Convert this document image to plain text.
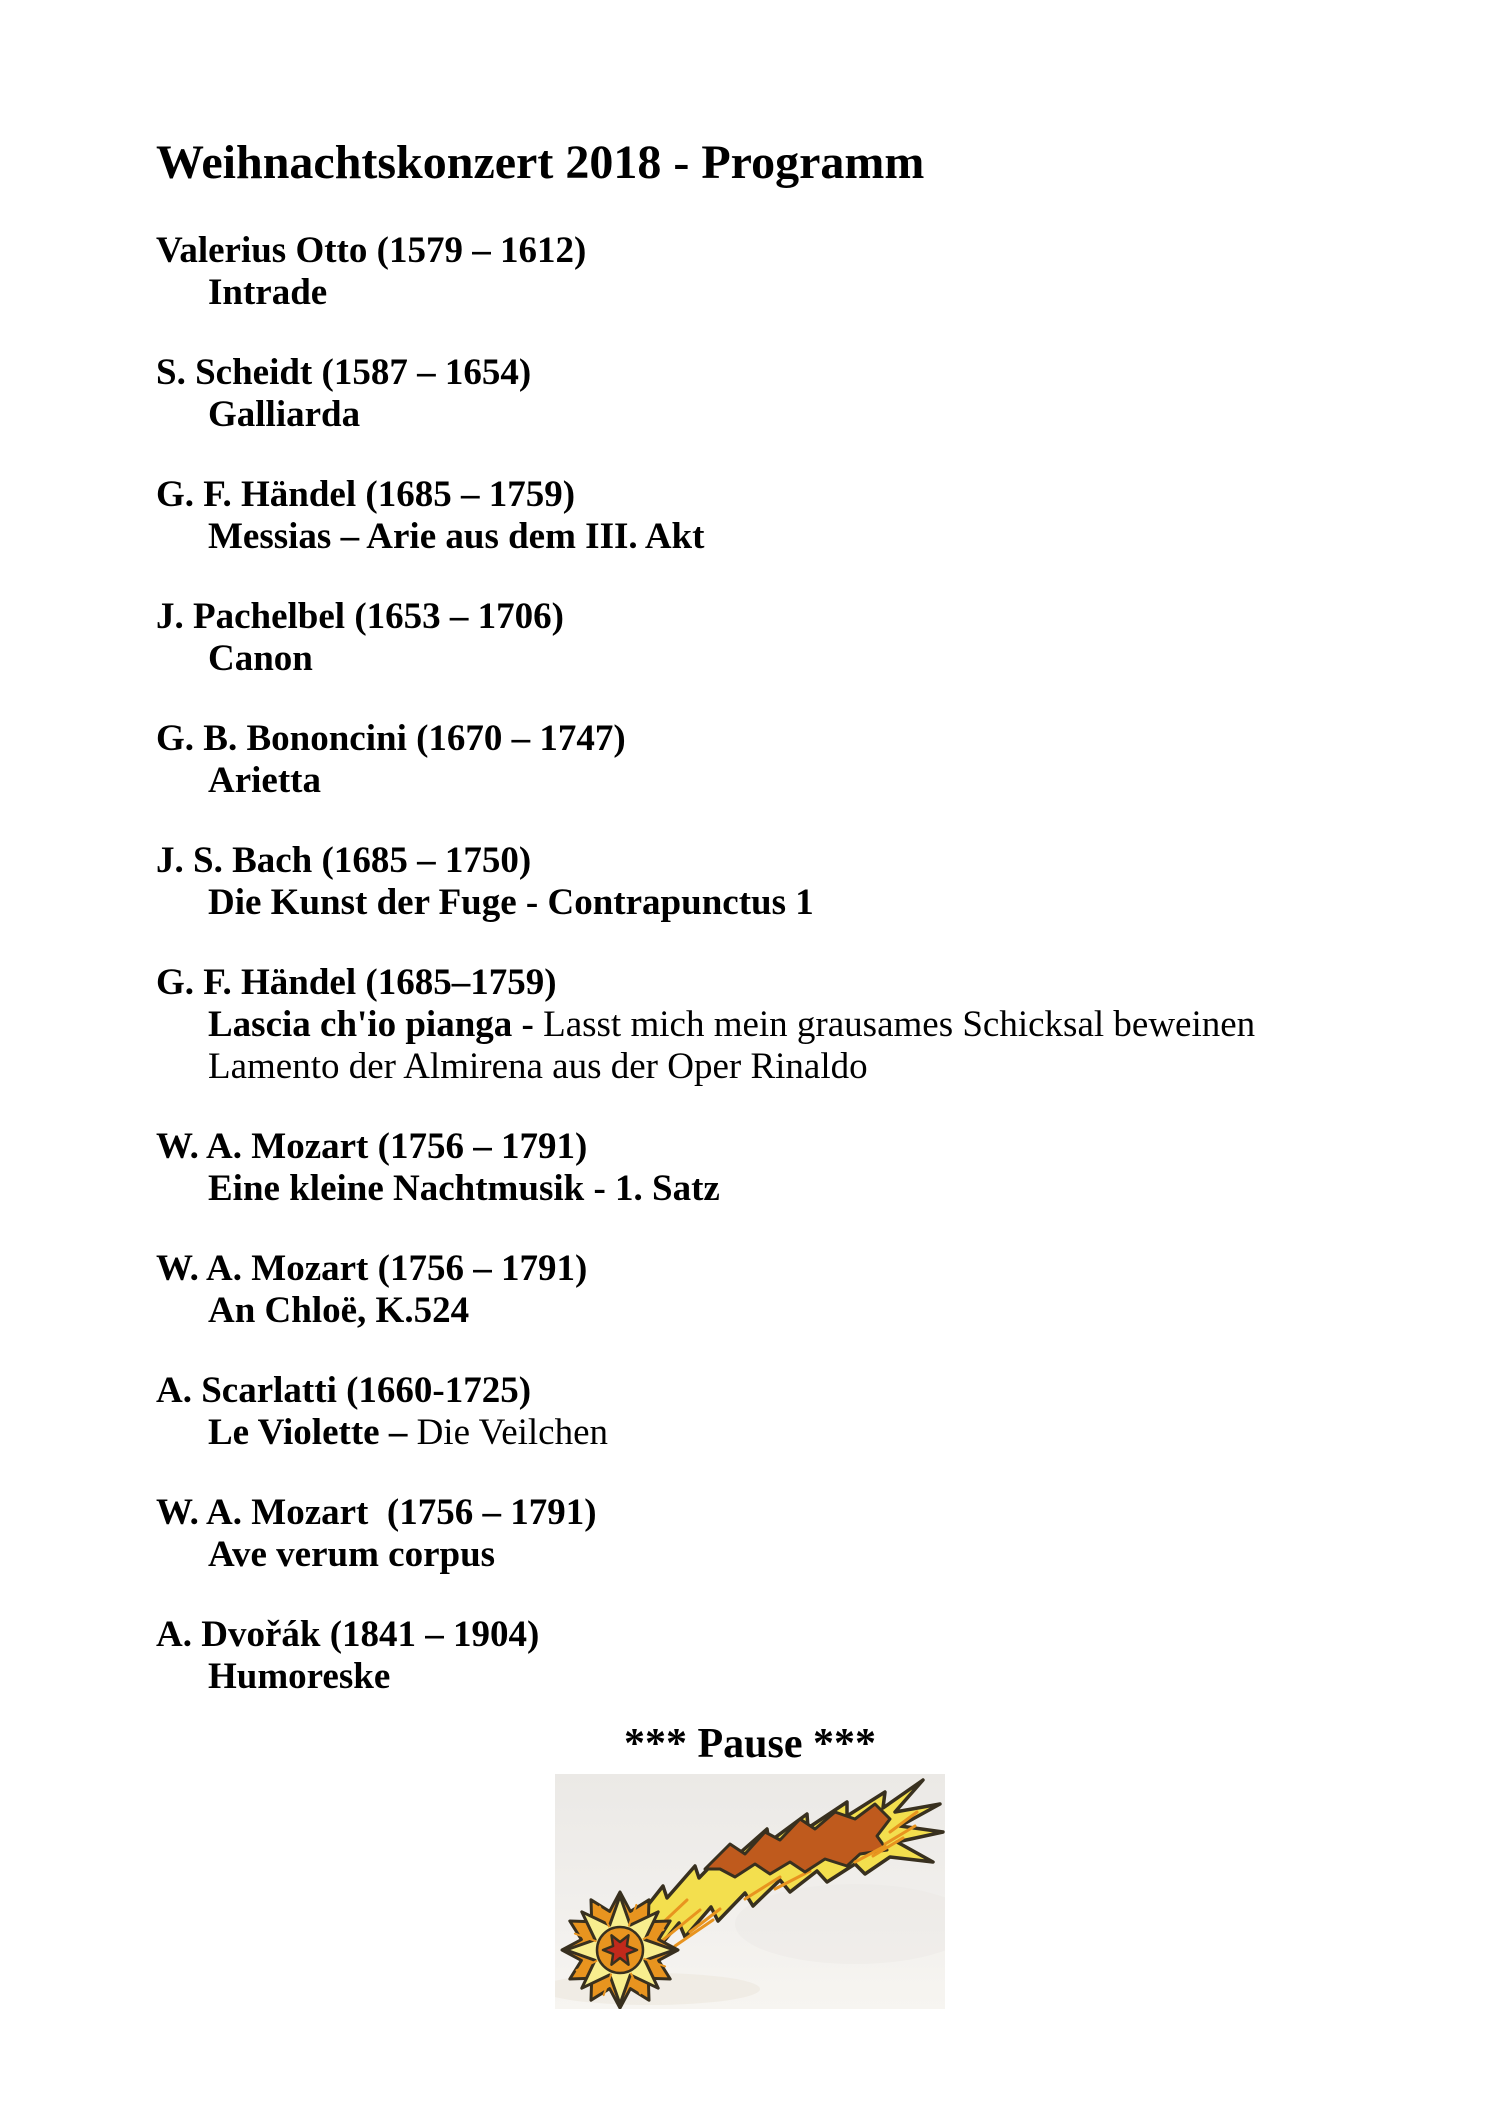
Weihnachtskonzert 2018 - Programm
Valerius Otto (1579 – 1612)
Intrade
S. Scheidt (1587 – 1654)
Galliarda
G. F. Händel (1685 – 1759)
Messias – Arie aus dem III. Akt
J. Pachelbel (1653 – 1706)
Canon
G. B. Bononcini (1670 – 1747)
Arietta
J. S. Bach (1685 – 1750)
Die Kunst der Fuge - Contrapunctus 1
G. F. Händel (1685–1759)
Lascia ch'io pianga - Lasst mich mein grausames Schicksal beweinen
Lamento der Almirena aus der Oper Rinaldo
W. A. Mozart (1756 – 1791)
Eine kleine Nachtmusik - 1. Satz
W. A. Mozart (1756 – 1791)
An Chloë, K.524
A. Scarlatti (1660-1725)
Le Violette – Die Veilchen
W. A. Mozart  (1756 – 1791)
Ave verum corpus
A. Dvořák (1841 – 1904)
Humoreske
*** Pause ***
